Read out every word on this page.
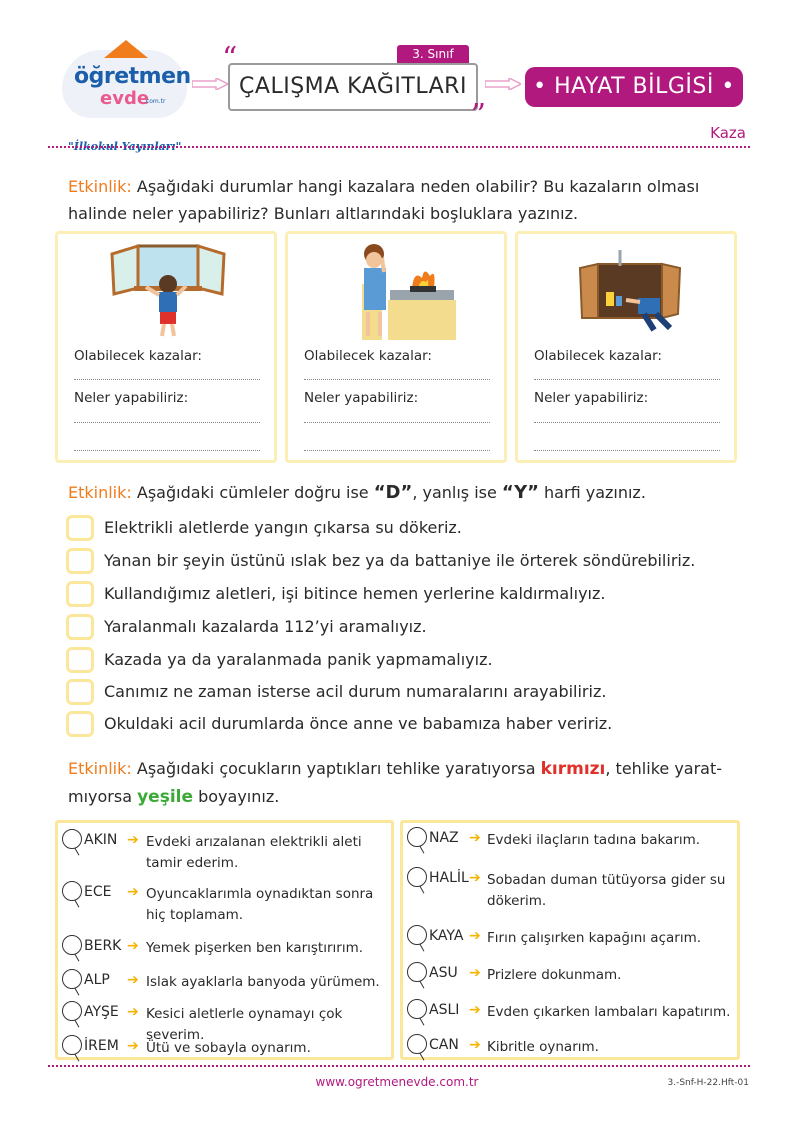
öğretmen
evde
.com.tr
"İlkokul Yayınları"
3. Sınıf
“
ÇALIŞMA KAĞITLARI
”
• HAYAT BİLGİSİ •
Kaza
Etkinlik: Aşağıdaki durumlar hangi kazalara neden olabilir? Bu kazaların olması halinde neler yapabiliriz? Bunları altlarındaki boşluklara yazınız.
Olabilecek kazalar:
Neler yapabiliriz:
Olabilecek kazalar:
Neler yapabiliriz:
Olabilecek kazalar:
Neler yapabiliriz:
Etkinlik: Aşağıdaki cümleler doğru ise “D”, yanlış ise “Y” harfi yazınız.
Elektrikli aletlerde yangın çıkarsa su dökeriz.
Yanan bir şeyin üstünü ıslak bez ya da battaniye ile örterek söndürebiliriz.
Kullandığımız aletleri, işi bitince hemen yerlerine kaldırmalıyız.
Yaralanmalı kazalarda 112’yi aramalıyız.
Kazada ya da yaralanmada panik yapmamalıyız.
Canımız ne zaman isterse acil durum numaralarını arayabiliriz.
Okuldaki acil durumlarda önce anne ve babamıza haber veririz.
Etkinlik: Aşağıdaki çocukların yaptıkları tehlike yaratıyorsa kırmızı, tehlike yarat-
mıyorsa yeşile boyayınız.
AKIN ➔ Evdeki arızalanan elektrikli aleti tamir ederim.
ECE ➔ Oyuncaklarımla oynadıktan sonra hiç toplamam.
BERK ➔ Yemek pişerken ben karıştırırım.
ALP ➔ Islak ayaklarla banyoda yürümem.
AYŞE ➔ Kesici aletlerle oynamayı çok severim.
İREM ➔ Ütü ve sobayla oynarım.
NAZ ➔ Evdeki ilaçların tadına bakarım.
HALİL ➔ Sobadan duman tütüyorsa gider su dökerim.
KAYA ➔ Fırın çalışırken kapağını açarım.
ASU ➔ Prizlere dokunmam.
ASLI ➔ Evden çıkarken lambaları kapatırım.
CAN ➔ Kibritle oynarım.
www.ogretmenevde.com.tr	3.-Snf-H-22.Hft-01
